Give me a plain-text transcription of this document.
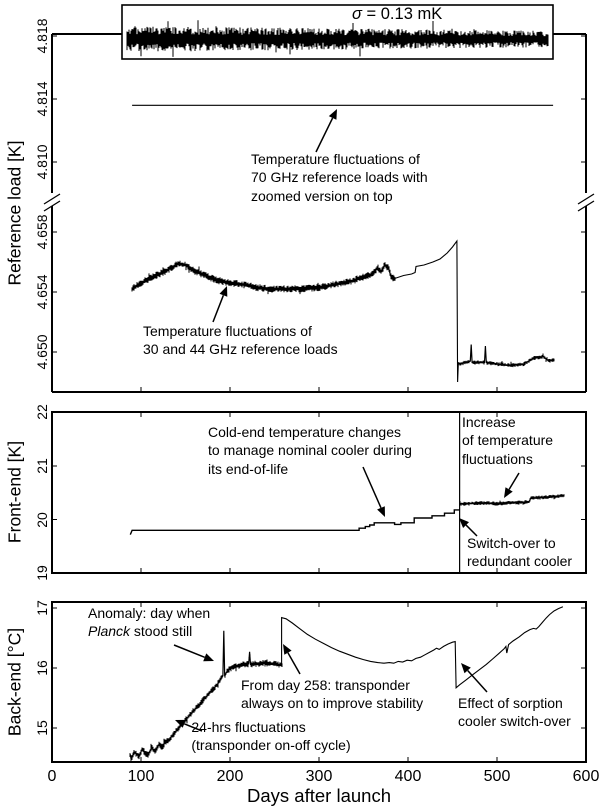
Reference load [K]
Front-end [K]
Back-end [°C]
Days after launch
4.818
4.814
4.810
4.658
4.654
4.650
σ = 0.13 mK
22
21
20
19
17
16
15
0	100	200	300	400	500	600
Temperature fluctuations of
70 GHz reference loads with
zoomed version on top
Temperature fluctuations of
30 and 44 GHz reference loads
Cold-end temperature changes
to manage nominal cooler during
its end-of-life
Increase
of temperature
fluctuations
Switch-over to
redundant cooler
Anomaly: day when
Planck stood still
From day 258: transponder
always on to improve stability
24-hrs fluctuations
(transponder on-off cycle)
Effect of sorption
cooler switch-over
